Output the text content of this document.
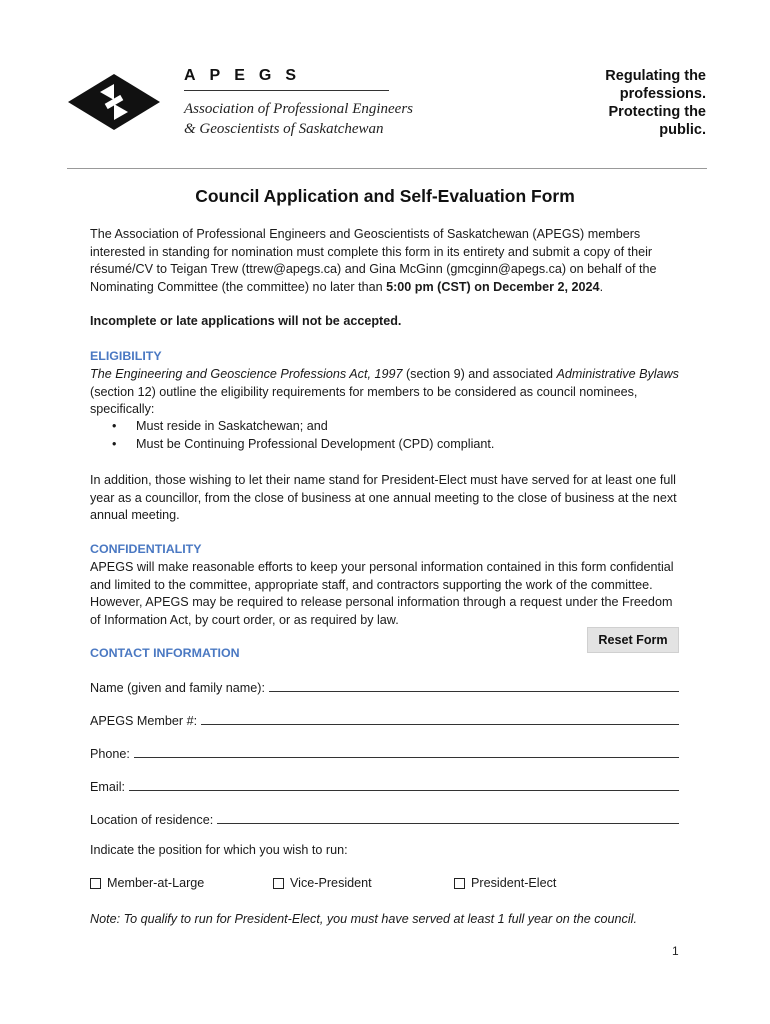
APEGS
Association of Professional Engineers
& Geoscientists of Saskatchewan
Regulating the
professions.
Protecting the
public.
Council Application and Self-Evaluation Form
The Association of Professional Engineers and Geoscientists of Saskatchewan (APEGS) members interested in standing for nomination must complete this form in its entirety and submit a copy of their résumé/CV to Teigan Trew (ttrew@apegs.ca) and Gina McGinn (gmcginn@apegs.ca) on behalf of the Nominating Committee (the committee) no later than 5:00 pm (CST) on December 2, 2024.
Incomplete or late applications will not be accepted.
ELIGIBILITY
The Engineering and Geoscience Professions Act, 1997 (section 9) and associated Administrative Bylaws (section 12) outline the eligibility requirements for members to be considered as council nominees, specifically:
• Must reside in Saskatchewan; and
• Must be Continuing Professional Development (CPD) compliant.
In addition, those wishing to let their name stand for President-Elect must have served for at least one full year as a councillor, from the close of business at one annual meeting to the close of business at the next annual meeting.
CONFIDENTIALITY
APEGS will make reasonable efforts to keep your personal information contained in this form confidential and limited to the committee, appropriate staff, and contractors supporting the work of the committee. However, APEGS may be required to release personal information through a request under the Freedom of Information Act, by court order, or as required by law.
Reset Form
CONTACT INFORMATION
Name (given and family name):
APEGS Member #:
Phone:
Email:
Location of residence:
Indicate the position for which you wish to run:
Member-at-Large	Vice-President	President-Elect
Note: To qualify to run for President-Elect, you must have served at least 1 full year on the council.
1
